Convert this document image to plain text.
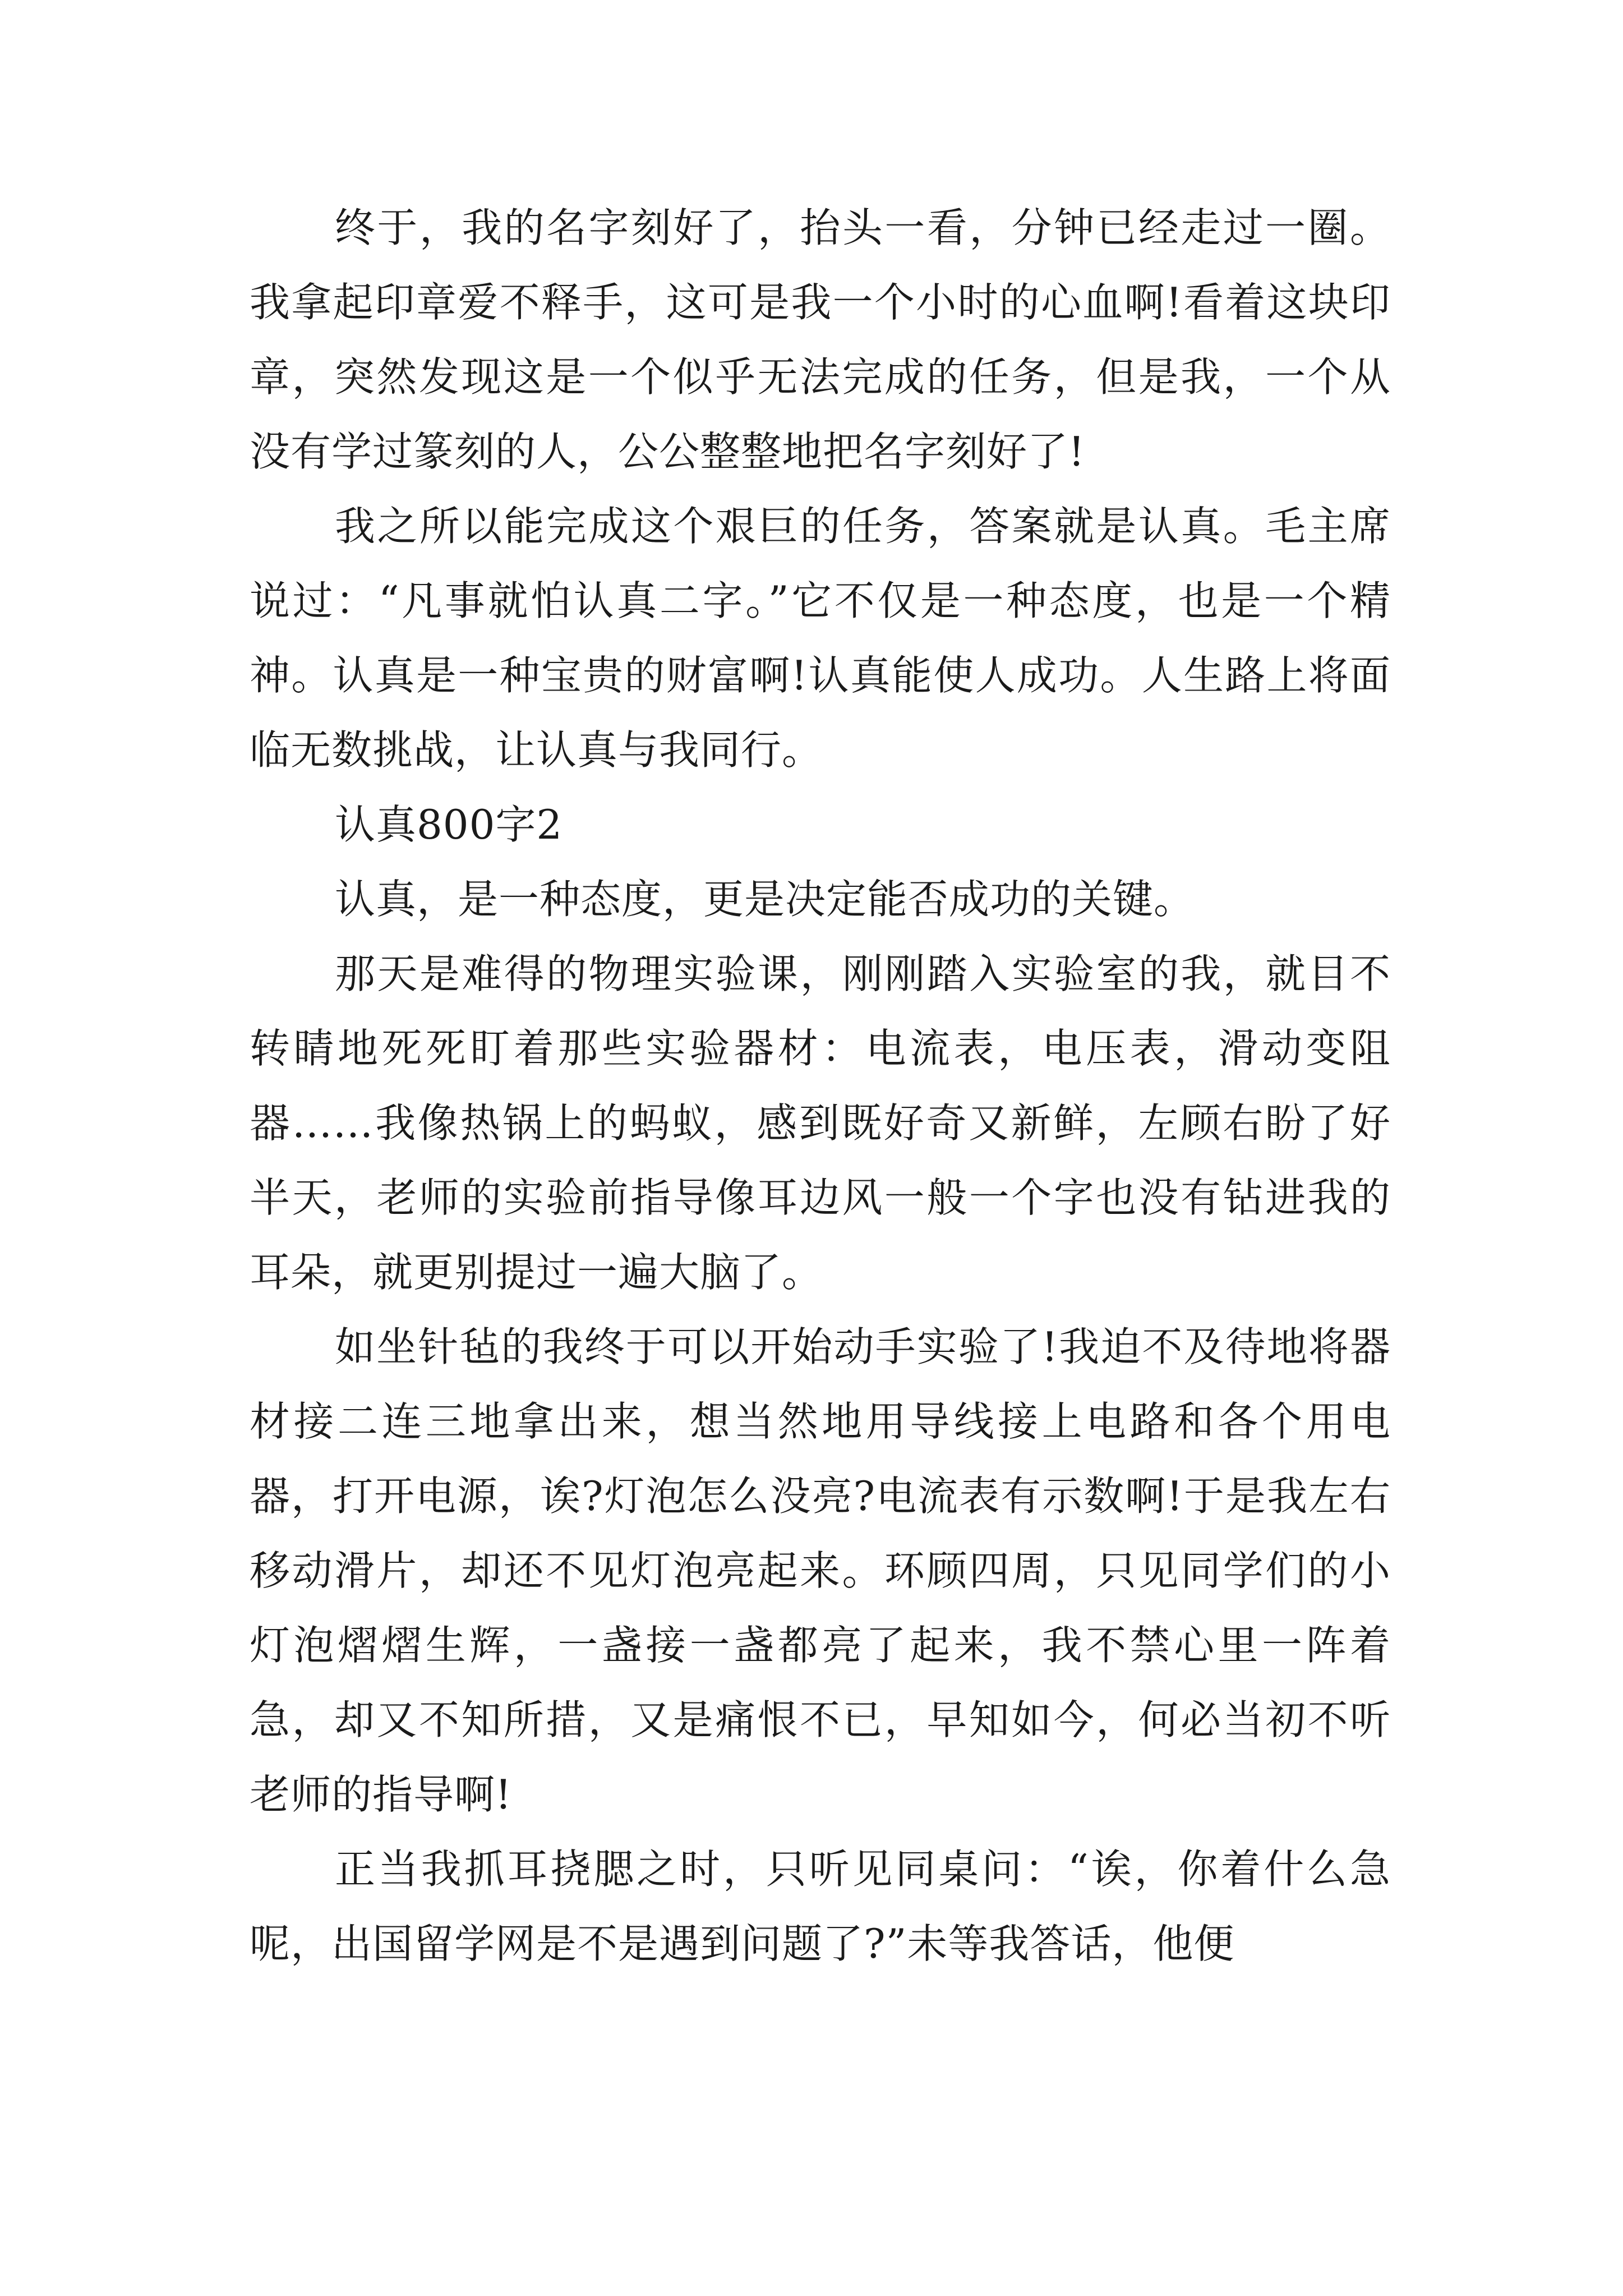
终于，我的名字刻好了，抬头一看，分钟已经走过一圈。我拿起印章爱不释手，这可是我一个小时的心血啊!看着这块印章，突然发现这是一个似乎无法完成的任务，但是我，一个从没有学过篆刻的人，公公整整地把名字刻好了!

我之所以能完成这个艰巨的任务，答案就是认真。毛主席说过：“凡事就怕认真二字。”它不仅是一种态度，也是一个精神。认真是一种宝贵的财富啊!认真能使人成功。人生路上将面临无数挑战，让认真与我同行。

认真800字2

认真，是一种态度，更是决定能否成功的关键。

那天是难得的物理实验课，刚刚踏入实验室的我，就目不转睛地死死盯着那些实验器材：电流表，电压表，滑动变阻器……我像热锅上的蚂蚁，感到既好奇又新鲜，左顾右盼了好半天，老师的实验前指导像耳边风一般一个字也没有钻进我的耳朵，就更别提过一遍大脑了。

如坐针毡的我终于可以开始动手实验了!我迫不及待地将器材接二连三地拿出来，想当然地用导线接上电路和各个用电器，打开电源，诶?灯泡怎么没亮?电流表有示数啊!于是我左右移动滑片，却还不见灯泡亮起来。环顾四周，只见同学们的小灯泡熠熠生辉，一盏接一盏都亮了起来，我不禁心里一阵着急，却又不知所措，又是痛恨不已，早知如今，何必当初不听老师的指导啊!

正当我抓耳挠腮之时，只听见同桌问：“诶，你着什么急呢，出国留学网是不是遇到问题了?”未等我答话，他便
